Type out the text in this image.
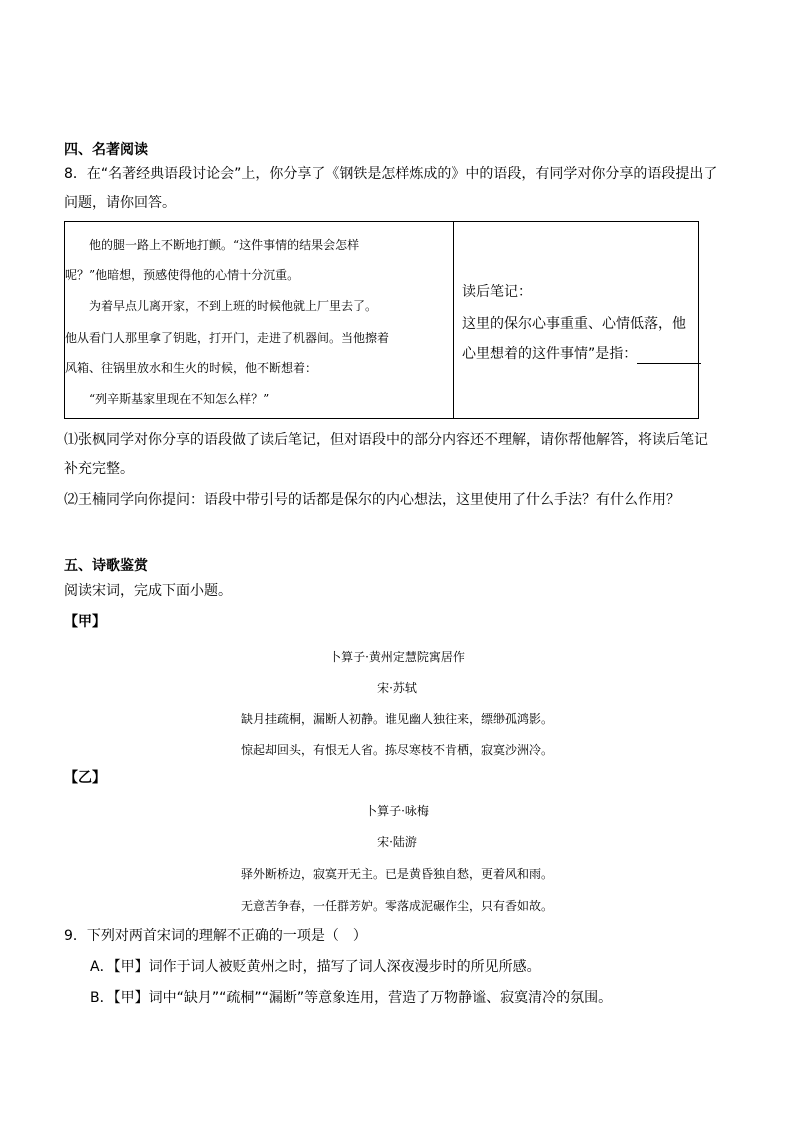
四、名著阅读
8．在“名著经典语段讨论会”上，你分享了《钢铁是怎样炼成的》中的语段，有同学对你分享的语段提出了
问题，请你回答。
他的腿一路上不断地打颤。“这件事情的结果会怎样
呢？”他暗想，预感使得他的心情十分沉重。
为着早点儿离开家，不到上班的时候他就上厂里去了。
他从看门人那里拿了钥匙，打开门，走进了机器间。当他擦着
风箱、往锅里放水和生火的时候，他不断想着：
“列辛斯基家里现在不知怎么样？”
读后笔记：
这里的保尔心事重重、心情低落，他
心里想着的这件事情”是指：
⑴张枫同学对你分享的语段做了读后笔记，但对语段中的部分内容还不理解，请你帮他解答，将读后笔记
补充完整。
⑵王楠同学向你提问：语段中带引号的话都是保尔的内心想法，这里使用了什么手法？有什么作用？
五、诗歌鉴赏
阅读宋词，完成下面小题。
【甲】
卜算子·黄州定慧院寓居作
宋·苏轼
缺月挂疏桐，漏断人初静。谁见幽人独往来，缥缈孤鸿影。
惊起却回头，有恨无人省。拣尽寒枝不肯栖，寂寞沙洲冷。
【乙】
卜算子·咏梅
宋·陆游
驿外断桥边，寂寞开无主。已是黄昏独自愁，更着风和雨。
无意苦争春，一任群芳妒。零落成泥碾作尘，只有香如故。
9．下列对两首宋词的理解不正确的一项是（　）
A．【甲】词作于词人被贬黄州之时，描写了词人深夜漫步时的所见所感。
B．【甲】词中“缺月”“疏桐”“漏断”等意象连用，营造了万物静谧、寂寞清冷的氛围。
